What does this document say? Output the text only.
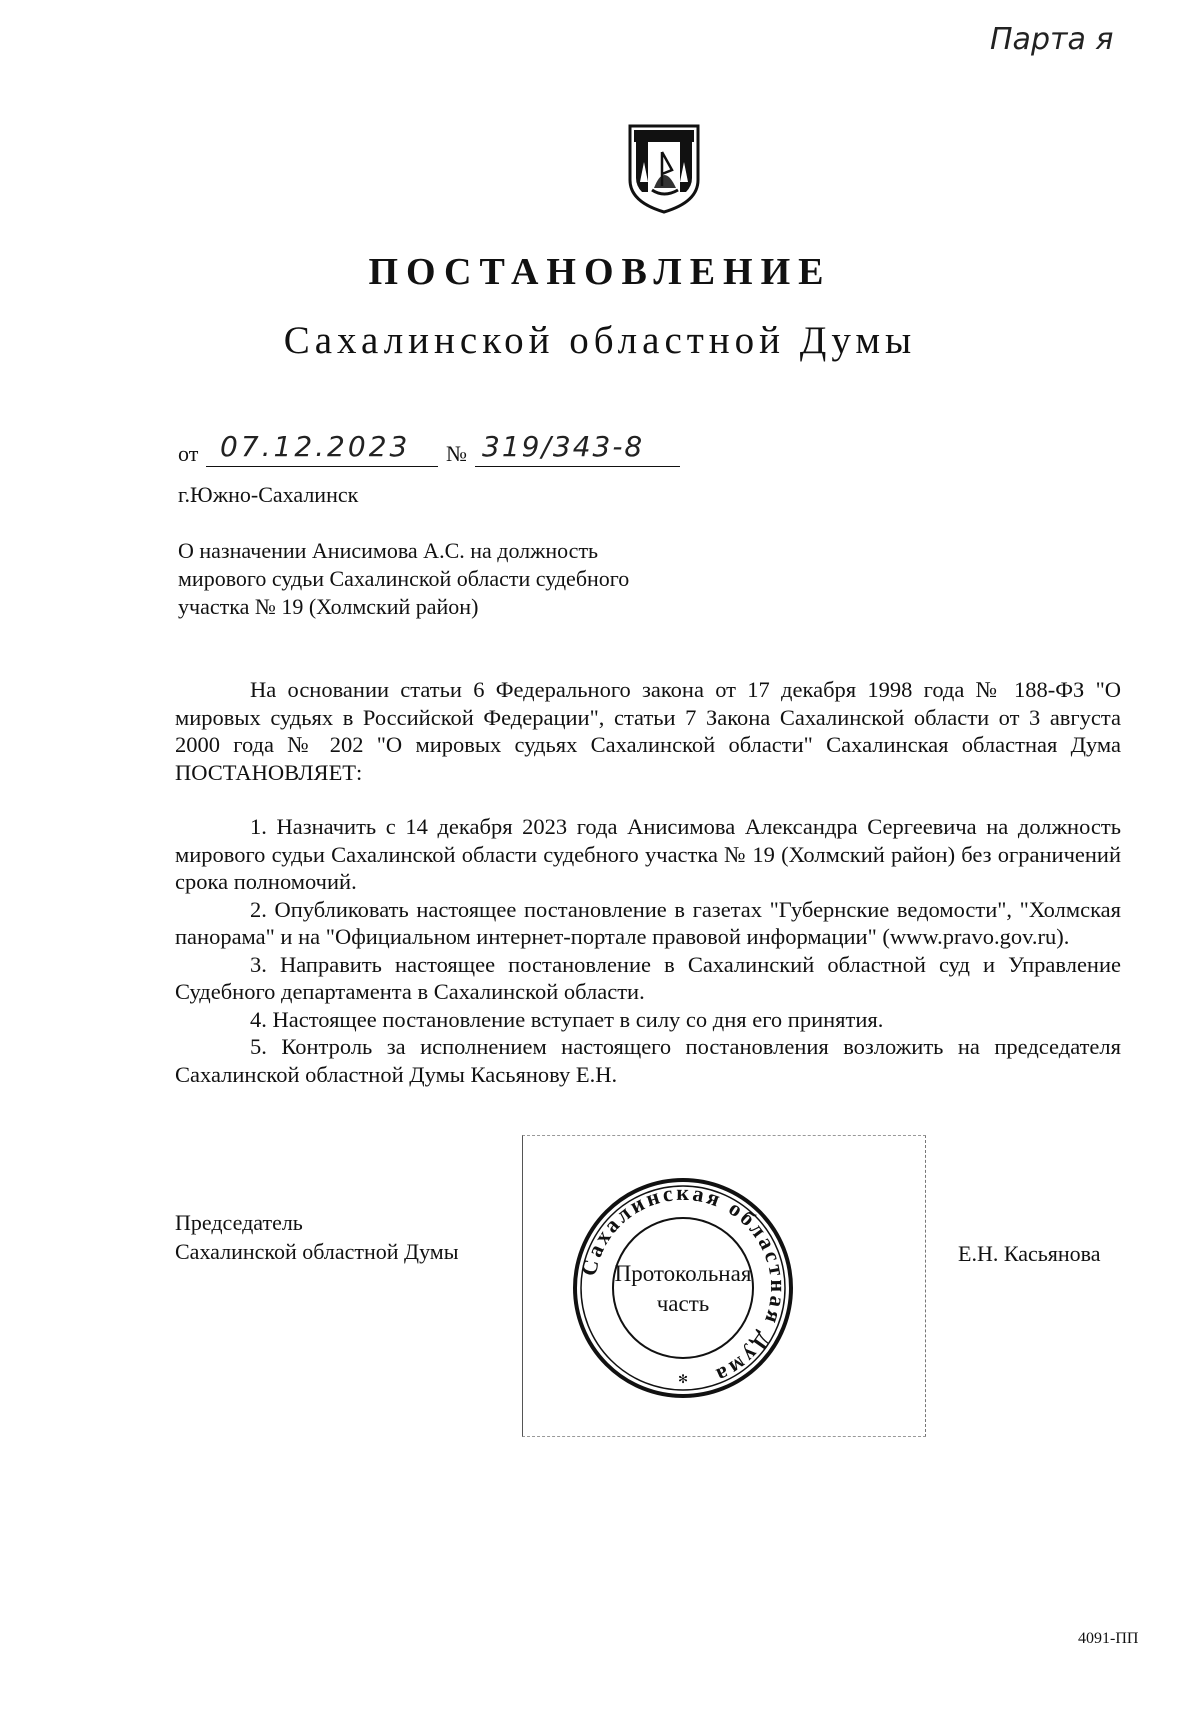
Парта я
ПОСТАНОВЛЕНИЕ
Сахалинской областной Думы
от 07.12.2023 № 319/343-8
г.Южно-Сахалинск
О назначении Анисимова А.С. на должность
мирового судьи Сахалинской области судебного
участка № 19 (Холмский район)

На основании статьи 6 Федерального закона от 17 декабря 1998 года № 188-ФЗ "О мировых судьях в Российской Федерации", статьи 7 Закона Сахалинской области от 3 августа 2000 года № 202 "О мировых судьях Сахалинской области" Сахалинская областная Дума ПОСТАНОВЛЯЕТ:

1. Назначить с 14 декабря 2023 года Анисимова Александра Сергеевича на должность мирового судьи Сахалинской области судебного участка № 19 (Холмский район) без ограничений срока полномочий.

2. Опубликовать настоящее постановление в газетах "Губернские ведомости", "Холмская панорама" и на "Официальном интернет-портале правовой информации" (www.pravo.gov.ru).

3. Направить настоящее постановление в Сахалинский областной суд и Управление Судебного департамента в Сахалинской области.

4. Настоящее постановление вступает в силу со дня его принятия.

5. Контроль за исполнением настоящего постановления возложить на председателя Сахалинской областной Думы Касьянову Е.Н.

Председатель
Сахалинской областной Думы	Е.Н. Касьянова
Сахалинская областная Дума
Протокольная
часть
✻
4091-ПП
